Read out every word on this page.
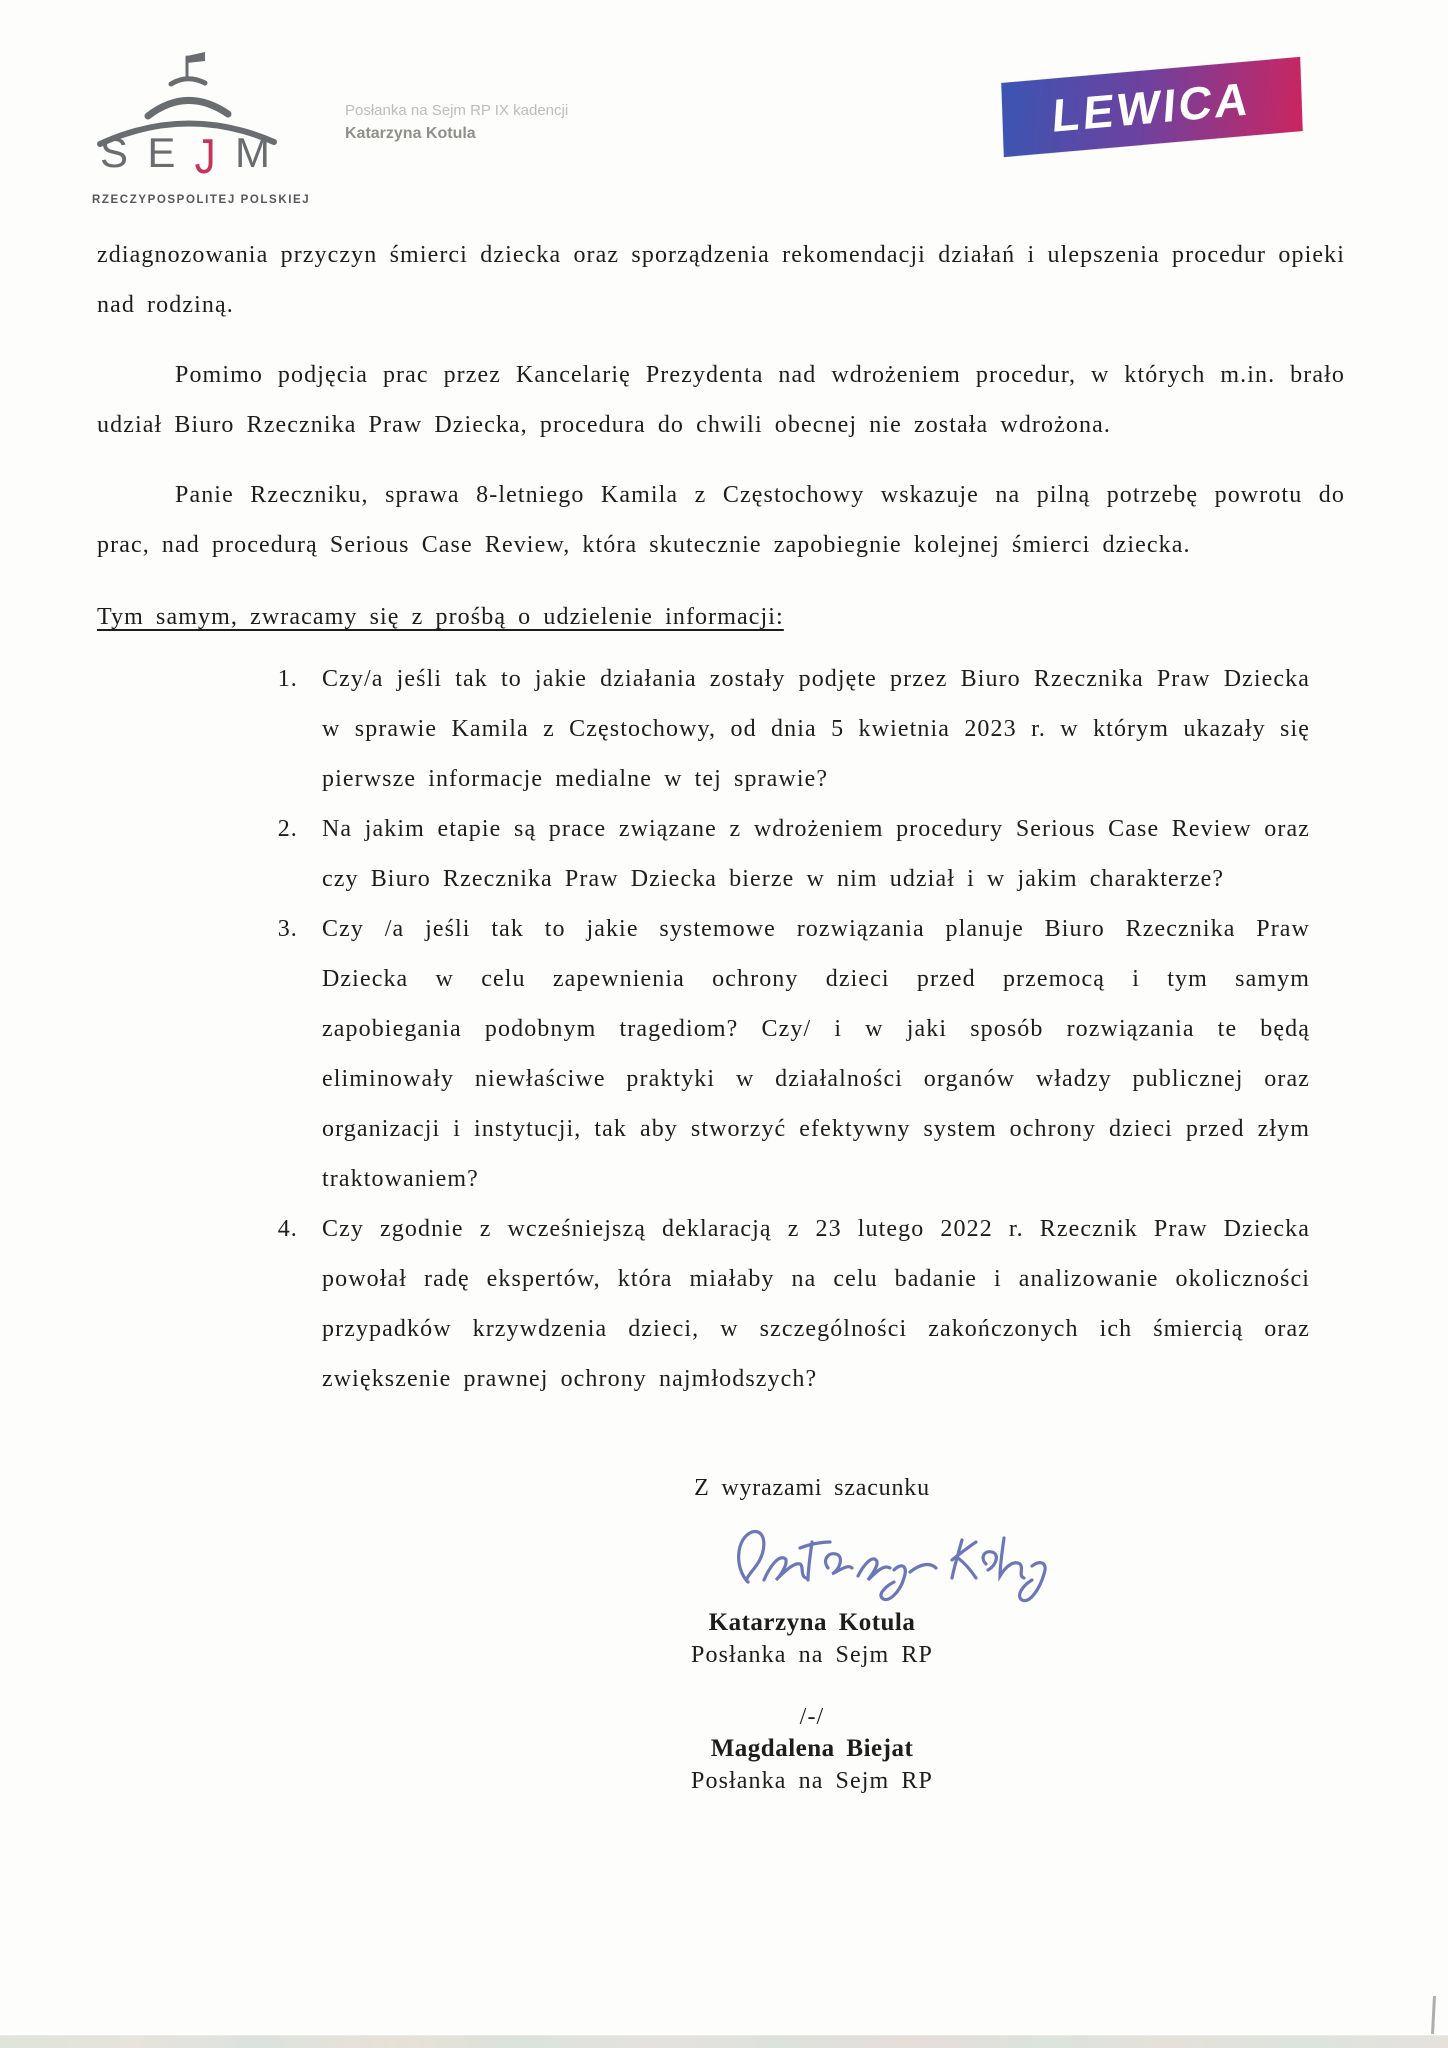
S E J M
RZECZYPOSPOLITEJ POLSKIEJ
Posłanka na Sejm RP IX kadencji
Katarzyna Kotula	LEWICA

zdiagnozowania przyczyn śmierci dziecka oraz sporządzenia rekomendacji działań i ulepszenia procedur opieki nad rodziną.

Pomimo podjęcia prac przez Kancelarię Prezydenta nad wdrożeniem procedur, w których m.in. brało udział Biuro Rzecznika Praw Dziecka, procedura do chwili obecnej nie została wdrożona.

Panie Rzeczniku, sprawa 8-letniego Kamila z Częstochowy wskazuje na pilną potrzebę powrotu do prac, nad procedurą Serious Case Review, która skutecznie zapobiegnie kolejnej śmierci dziecka.

Tym samym, zwracamy się z prośbą o udzielenie informacji:

1. Czy/a jeśli tak to jakie działania zostały podjęte przez Biuro Rzecznika Praw Dziecka w sprawie Kamila z Częstochowy, od dnia 5 kwietnia 2023 r. w którym ukazały się pierwsze informacje medialne w tej sprawie?
2. Na jakim etapie są prace związane z wdrożeniem procedury Serious Case Review oraz czy Biuro Rzecznika Praw Dziecka bierze w nim udział i w jakim charakterze?
3. Czy /a jeśli tak to jakie systemowe rozwiązania planuje Biuro Rzecznika Praw Dziecka w celu zapewnienia ochrony dzieci przed przemocą i tym samym zapobiegania podobnym tragediom? Czy/ i w jaki sposób rozwiązania te będą eliminowały niewłaściwe praktyki w działalności organów władzy publicznej oraz organizacji i instytucji, tak aby stworzyć efektywny system ochrony dzieci przed złym traktowaniem?
4. Czy zgodnie z wcześniejszą deklaracją z 23 lutego 2022 r. Rzecznik Praw Dziecka powołał radę ekspertów, która miałaby na celu badanie i analizowanie okoliczności przypadków krzywdzenia dzieci, w szczególności zakończonych ich śmiercią oraz zwiększenie prawnej ochrony najmłodszych?
Z wyrazami szacunku
Katarzyna Kotula
Posłanka na Sejm RP
/-/
Magdalena Biejat
Posłanka na Sejm RP
